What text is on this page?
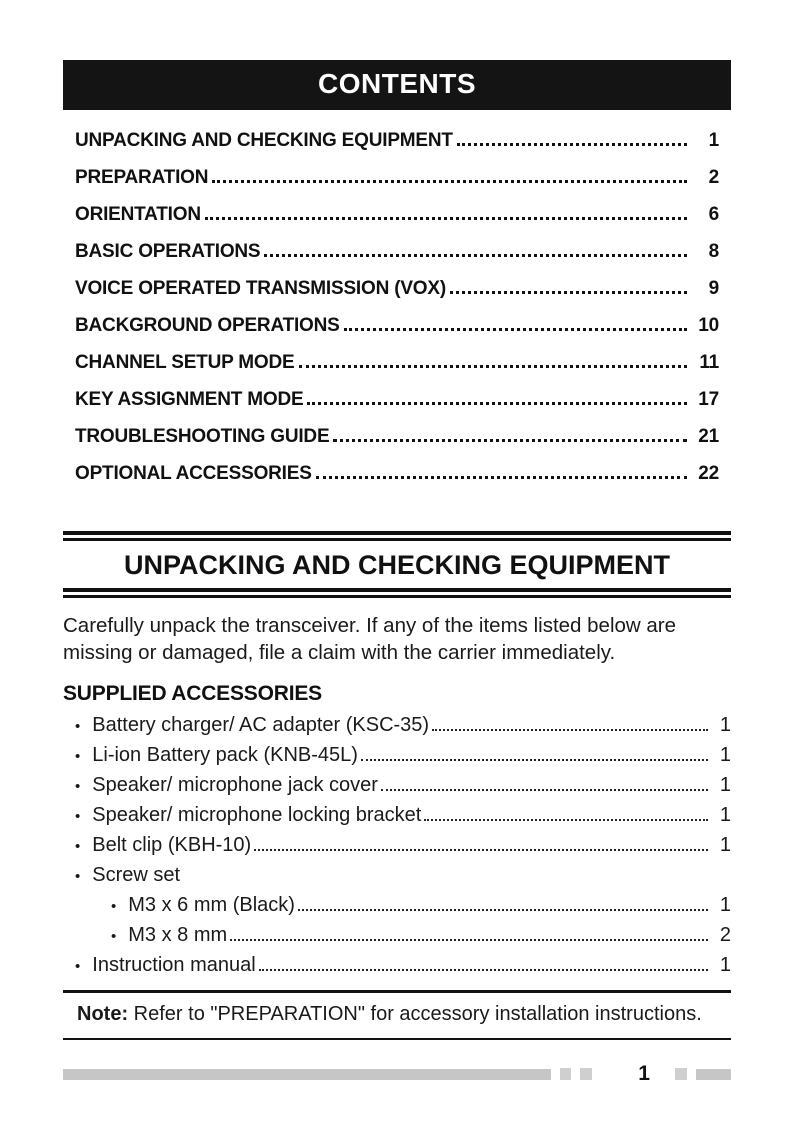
CONTENTS
UNPACKING AND CHECKING EQUIPMENT	1
PREPARATION	2
ORIENTATION	6
BASIC OPERATIONS	8
VOICE OPERATED TRANSMISSION (VOX)	9
BACKGROUND OPERATIONS	10
CHANNEL SETUP MODE	11
KEY ASSIGNMENT MODE	17
TROUBLESHOOTING GUIDE	21
OPTIONAL ACCESSORIES	22
UNPACKING AND CHECKING EQUIPMENT

Carefully unpack the transceiver. If any of the items listed below are missing or damaged, file a claim with the carrier immediately.

SUPPLIED ACCESSORIES
• Battery charger/ AC adapter (KSC-35)	1
• Li-ion Battery pack (KNB-45L)	1
• Speaker/ microphone jack cover	1
• Speaker/ microphone locking bracket	1
• Belt clip (KBH-10)	1
• Screw set
• M3 x 6 mm (Black)	1
• M3 x 8 mm	2
• Instruction manual	1
Note: Refer to "PREPARATION" for accessory installation instructions.
1
